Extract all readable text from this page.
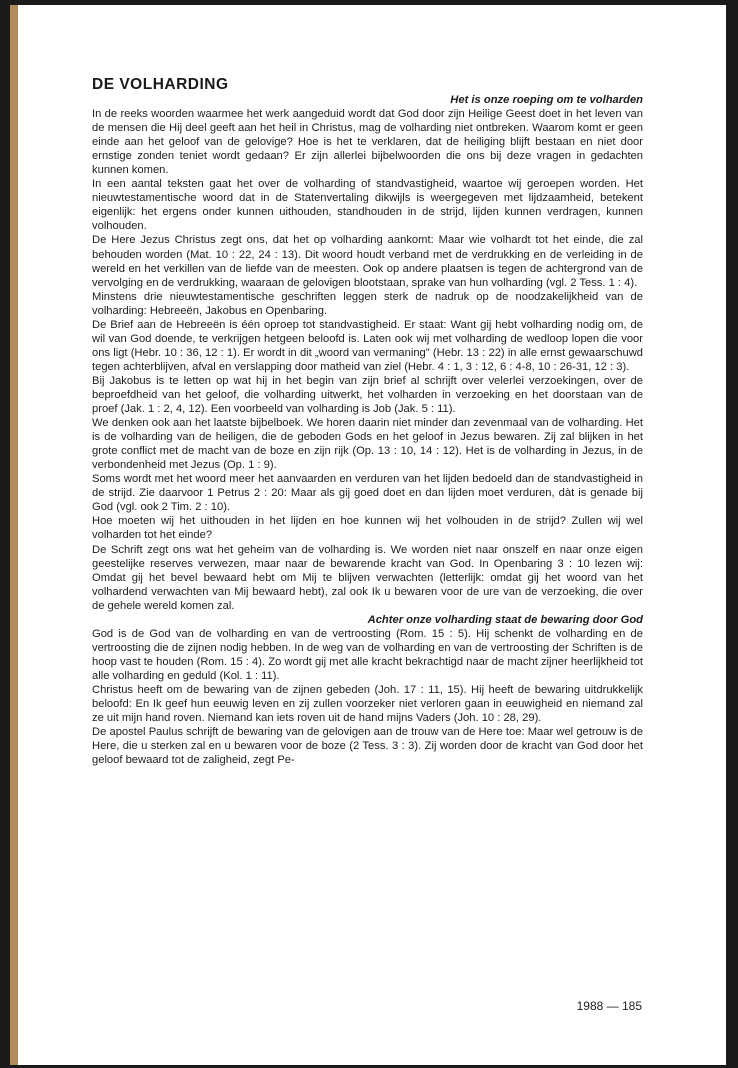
DE VOLHARDING

Het is onze roeping om te volharden

In de reeks woorden waarmee het werk aangeduid wordt dat God door zijn Heilige Geest doet in het leven van de mensen die Hij deel geeft aan het heil in Christus, mag de volharding niet ontbreken. Waarom komt er geen einde aan het geloof van de gelovige? Hoe is het te verklaren, dat de heiliging blijft bestaan en niet door ernstige zonden teniet wordt gedaan? Er zijn allerlei bijbelwoorden die ons bij deze vragen in gedachten kunnen komen.

In een aantal teksten gaat het over de volharding of standvastigheid, waartoe wij geroepen worden. Het nieuwtestamentische woord dat in de Statenvertaling dikwijls is weergegeven met lijdzaamheid, betekent eigenlijk: het ergens onder kunnen uithouden, standhouden in de strijd, lijden kunnen verdragen, kunnen volhouden.

De Here Jezus Christus zegt ons, dat het op volharding aankomt: Maar wie volhardt tot het einde, die zal behouden worden (Mat. 10 : 22, 24 : 13). Dit woord houdt verband met de verdrukking en de verleiding in de wereld en het verkillen van de liefde van de meesten. Ook op andere plaatsen is tegen de achtergrond van de vervolging en de verdrukking, waaraan de gelovigen blootstaan, sprake van hun volharding (vgl. 2 Tess. 1 : 4).

Minstens drie nieuwtestamentische geschriften leggen sterk de nadruk op de noodzakelijkheid van de volharding: Hebreeën, Jakobus en Openbaring.

De Brief aan de Hebreeën is één oproep tot standvastigheid. Er staat: Want gij hebt volharding nodig om, de wil van God doende, te verkrijgen hetgeen beloofd is. Laten ook wij met volharding de wedloop lopen die voor ons ligt (Hebr. 10 : 36, 12 : 1). Er wordt in dit „woord van vermaning" (Hebr. 13 : 22) in alle ernst gewaarschuwd tegen achterblijven, afval en verslapping door matheid van ziel (Hebr. 4 : 1, 3 : 12, 6 : 4-8, 10 : 26-31, 12 : 3).

Bij Jakobus is te letten op wat hij in het begin van zijn brief al schrijft over velerlei verzoekingen, over de beproefdheid van het geloof, die volharding uitwerkt, het volharden in verzoeking en het doorstaan van de proef (Jak. 1 : 2, 4, 12). Een voorbeeld van volharding is Job (Jak. 5 : 11).

We denken ook aan het laatste bijbelboek. We horen daarin niet minder dan zevenmaal van de volharding. Het is de volharding van de heiligen, die de geboden Gods en het geloof in Jezus bewaren. Zij zal blijken in het grote conflict met de macht van de boze en zijn rijk (Op. 13 : 10, 14 : 12). Het is de volharding in Jezus, in de verbondenheid met Jezus (Op. 1 : 9).

Soms wordt met het woord meer het aanvaarden en verduren van het lijden bedoeld dan de standvastigheid in de strijd. Zie daarvoor 1 Petrus 2 : 20: Maar als gij goed doet en dan lijden moet verduren, dàt is genade bij God (vgl. ook 2 Tim. 2 : 10).

Hoe moeten wij het uithouden in het lijden en hoe kunnen wij het volhouden in de strijd? Zullen wij wel volharden tot het einde?

De Schrift zegt ons wat het geheim van de volharding is. We worden niet naar onszelf en naar onze eigen geestelijke reserves verwezen, maar naar de bewarende kracht van God. In Openbaring 3 : 10 lezen wij: Omdat gij het bevel bewaard hebt om Mij te blijven verwachten (letterlijk: omdat gij het woord van het volhardend verwachten van Mij bewaard hebt), zal ook Ik u bewaren voor de ure van de verzoeking, die over de gehele wereld komen zal.

Achter onze volharding staat de bewaring door God

God is de God van de volharding en van de vertroosting (Rom. 15 : 5). Hij schenkt de volharding en de vertroosting die de zijnen nodig hebben. In de weg van de volharding en van de vertroosting der Schriften is de hoop vast te houden (Rom. 15 : 4). Zo wordt gij met alle kracht bekrachtigd naar de macht zijner heerlijkheid tot alle volharding en geduld (Kol. 1 : 11).

Christus heeft om de bewaring van de zijnen gebeden (Joh. 17 : 11, 15). Hij heeft de bewaring uitdrukkelijk beloofd: En Ik geef hun eeuwig leven en zij zullen voorzeker niet verloren gaan in eeuwigheid en niemand zal ze uit mijn hand roven. Niemand kan iets roven uit de hand mijns Vaders (Joh. 10 : 28, 29).

De apostel Paulus schrijft de bewaring van de gelovigen aan de trouw van de Here toe: Maar wel getrouw is de Here, die u sterken zal en u bewaren voor de boze (2 Tess. 3 : 3). Zij worden door de kracht van God door het geloof bewaard tot de zaligheid, zegt Pe-

1988 — 185
